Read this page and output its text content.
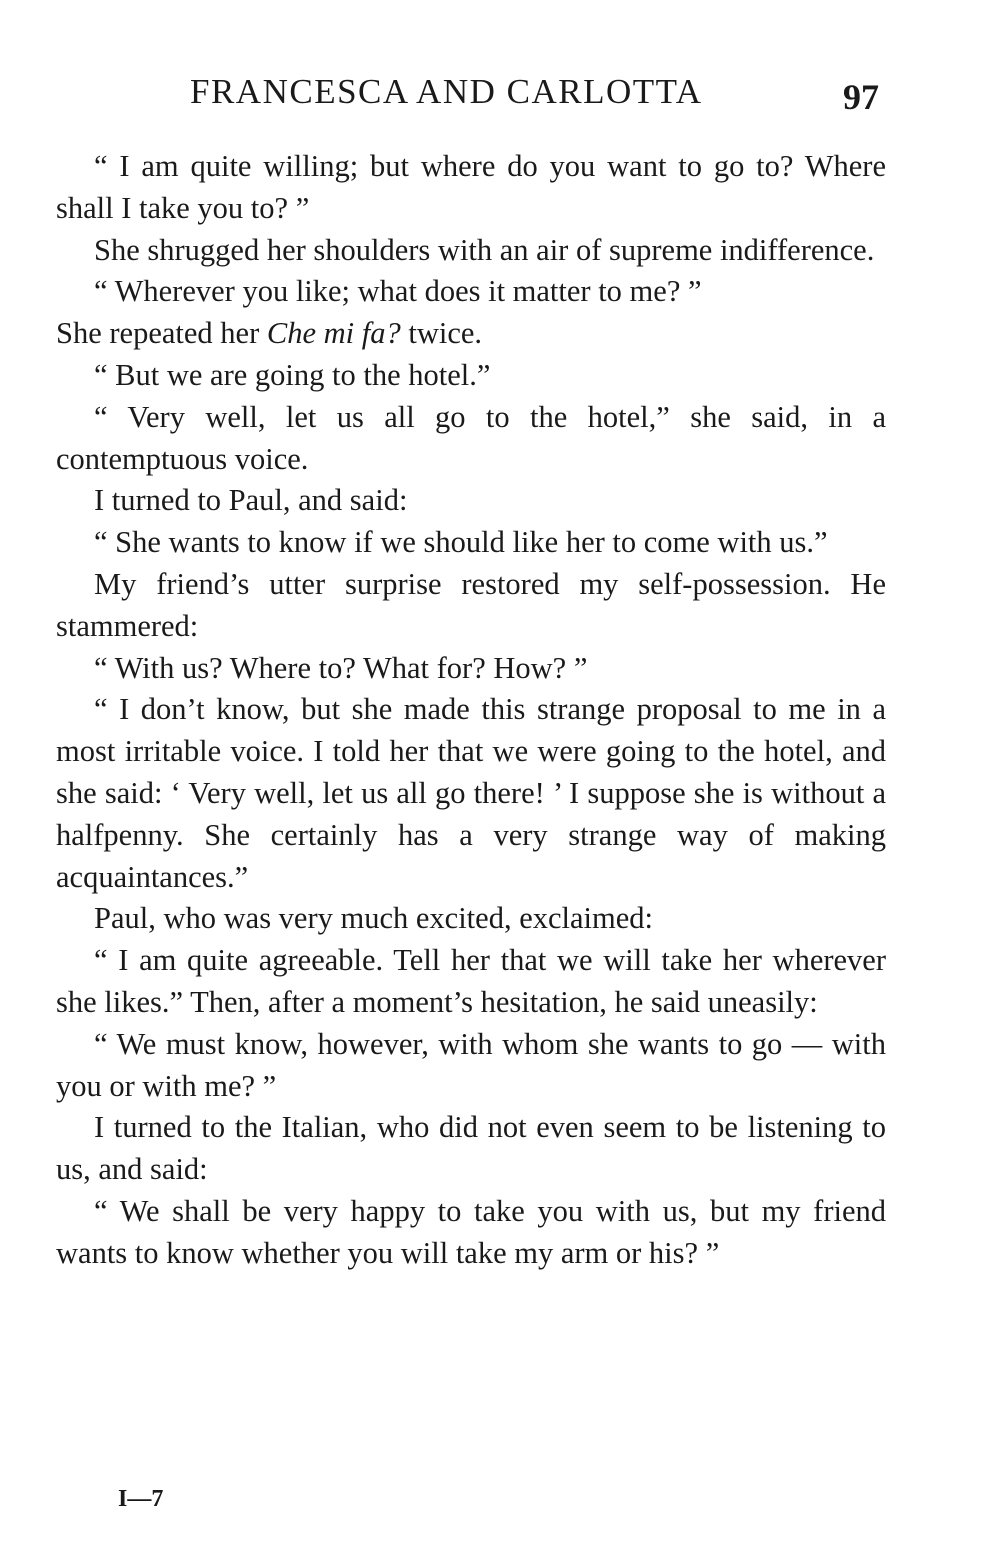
FRANCESCA AND CARLOTTA	97

“ I am quite willing; but where do you want to go to? Where shall I take you to? ”

She shrugged her shoulders with an air of supreme indifference.

“ Wherever you like; what does it matter to me? ”

She repeated her Che mi fa? twice.

“ But we are going to the hotel.”

“ Very well, let us all go to the hotel,” she said, in a contemptuous voice.

I turned to Paul, and said:

“ She wants to know if we should like her to come with us.”

My friend’s utter surprise restored my self-possession. He stammered:

“ With us? Where to? What for? How? ”

“ I don’t know, but she made this strange proposal to me in a most irritable voice. I told her that we were going to the hotel, and she said: ‘ Very well, let us all go there! ’ I suppose she is without a halfpenny. She certainly has a very strange way of making acquaintances.”

Paul, who was very much excited, exclaimed:

“ I am quite agreeable. Tell her that we will take her wherever she likes.” Then, after a moment’s hesitation, he said uneasily:

“ We must know, however, with whom she wants to go — with you or with me? ”

I turned to the Italian, who did not even seem to be listening to us, and said:

“ We shall be very happy to take you with us, but my friend wants to know whether you will take my arm or his? ”

I—7
